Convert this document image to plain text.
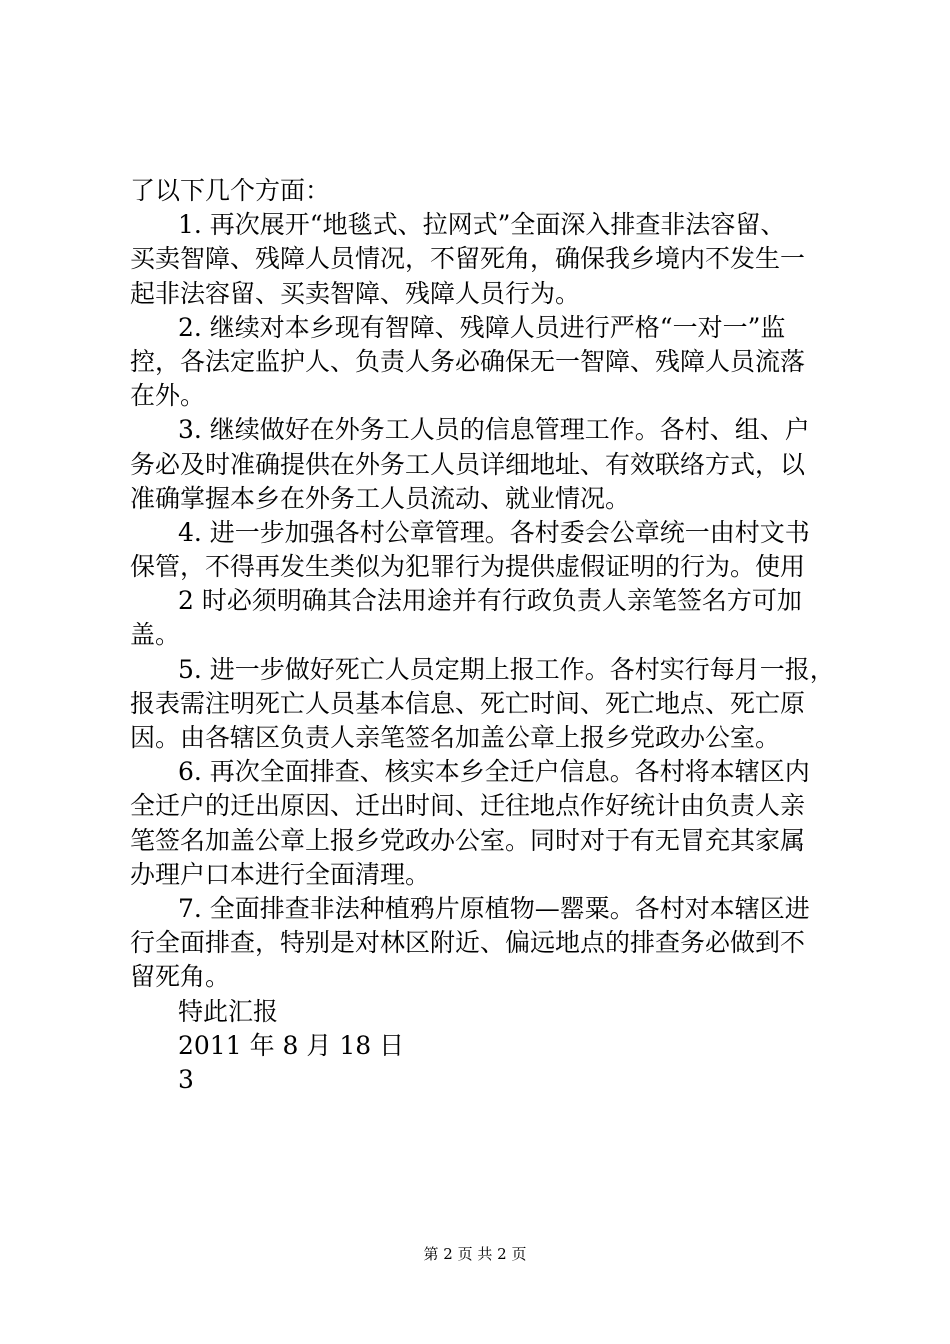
了以下几个方面：
1. 再次展开“地毯式、拉网式”全面深入排查非法容留、
买卖智障、残障人员情况，不留死角，确保我乡境内不发生一
起非法容留、买卖智障、残障人员行为。
2. 继续对本乡现有智障、残障人员进行严格“一对一”监
控，各法定监护人、负责人务必确保无一智障、残障人员流落
在外。
3. 继续做好在外务工人员的信息管理工作。各村、组、户
务必及时准确提供在外务工人员详细地址、有效联络方式，以
准确掌握本乡在外务工人员流动、就业情况。
4. 进一步加强各村公章管理。各村委会公章统一由村文书
保管，不得再发生类似为犯罪行为提供虚假证明的行为。使用
2 时必须明确其合法用途并有行政负责人亲笔签名方可加
盖。
5. 进一步做好死亡人员定期上报工作。各村实行每月一报，
报表需注明死亡人员基本信息、死亡时间、死亡地点、死亡原
因。由各辖区负责人亲笔签名加盖公章上报乡党政办公室。
6. 再次全面排查、核实本乡全迁户信息。各村将本辖区内
全迁户的迁出原因、迁出时间、迁往地点作好统计由负责人亲
笔签名加盖公章上报乡党政办公室。同时对于有无冒充其家属
办理户口本进行全面清理。
7. 全面排查非法种植鸦片原植物—罂粟。各村对本辖区进
行全面排查，特别是对林区附近、偏远地点的排查务必做到不
留死角。
特此汇报
2011 年 8 月 18 日
3
第 2 页 共 2 页
